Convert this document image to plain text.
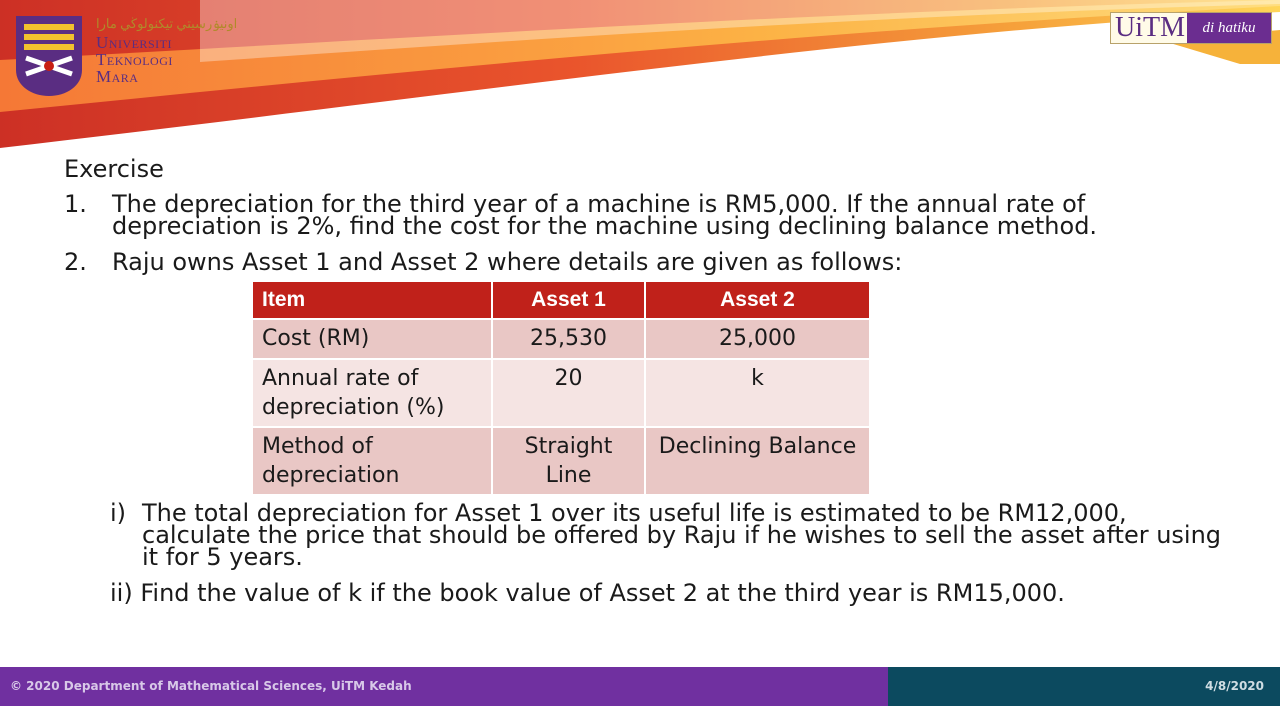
اونيۏرسيتي تيكنولوڬي مارا
Universiti
Teknologi
Mara
UiTM	di hatiku
Exercise
1. The depreciation for the third year of a machine is RM5,000. If the annual rate of depreciation is 2%, find the cost for the machine using declining balance method.
2. Raju owns Asset 1 and Asset 2 where details are given as follows:
Item	Asset 1	Asset 2
Cost (RM)	25,530	25,000
Annual rate of depreciation (%)	20	k
Method of depreciation	Straight Line	Declining Balance
i) The total depreciation for Asset 1 over its useful life is estimated to be RM12,000, calculate the price that should be offered by Raju if he wishes to sell the asset after using it for 5 years.
ii) Find the value of k if the book value of Asset 2 at the third year is RM15,000.
© 2020 Department of Mathematical Sciences, UiTM Kedah	4/8/2020
